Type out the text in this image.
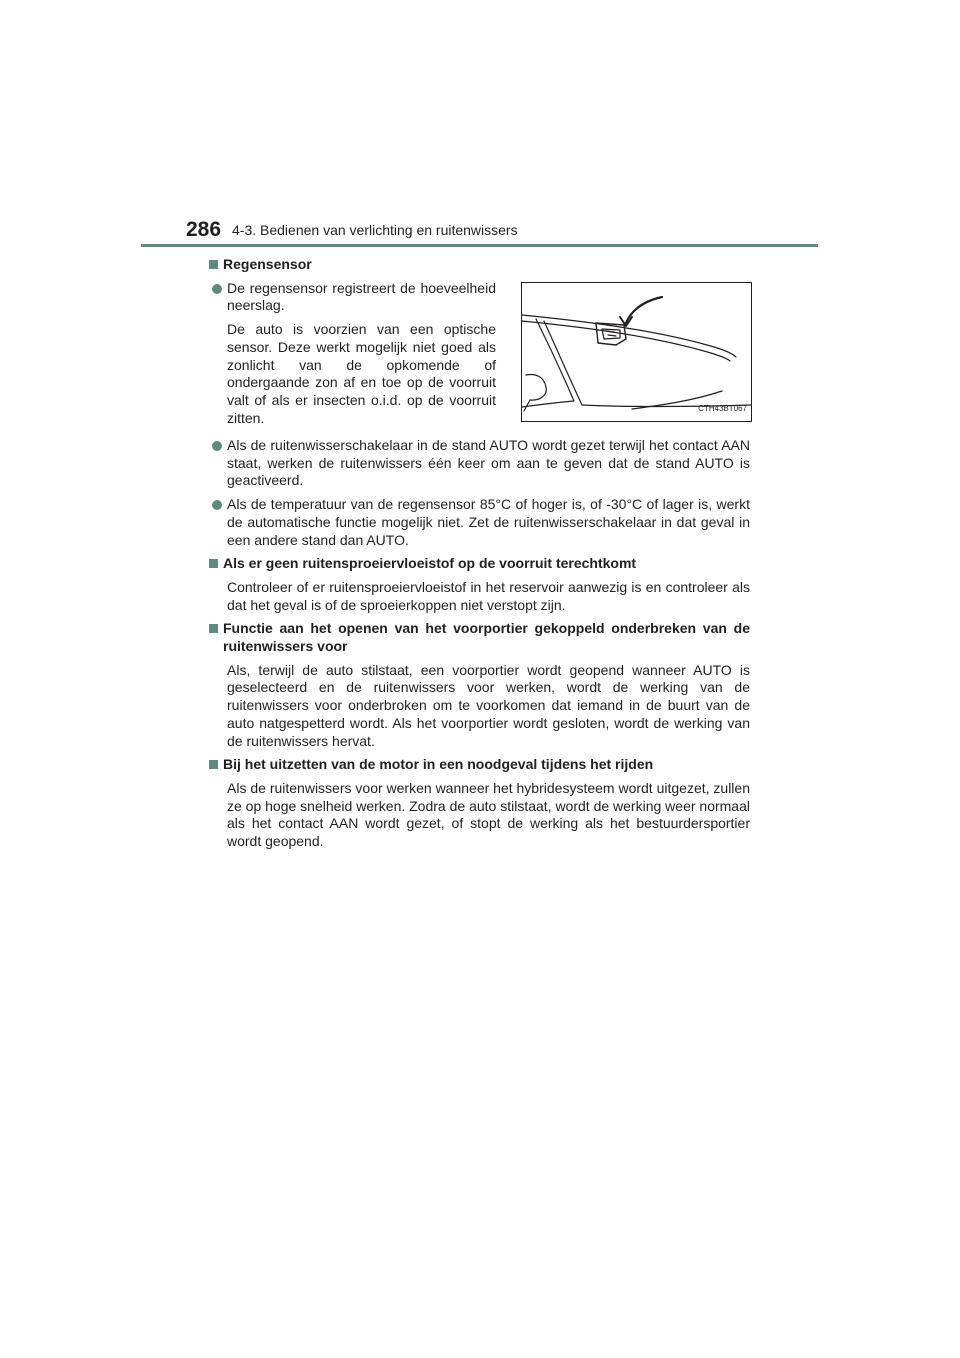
286 4-3. Bedienen van verlichting en ruitenwissers
Regensensor
De regensensor registreert de hoeveelheid neerslag.
De auto is voorzien van een optische sensor. Deze werkt mogelijk niet goed als zonlicht van de opkomende of ondergaande zon af en toe op de voorruit valt of als er insecten o.i.d. op de voorruit zitten.
CTH43BT067
Als de ruitenwisserschakelaar in de stand AUTO wordt gezet terwijl het contact AAN staat, werken de ruitenwissers één keer om aan te geven dat de stand AUTO is geactiveerd.
Als de temperatuur van de regensensor 85°C of hoger is, of -30°C of lager is, werkt de automatische functie mogelijk niet. Zet de ruitenwisserschakelaar in dat geval in een andere stand dan AUTO.
Als er geen ruitensproeiervloeistof op de voorruit terechtkomt
Controleer of er ruitensproeiervloeistof in het reservoir aanwezig is en controleer als dat het geval is of de sproeierkoppen niet verstopt zijn.
Functie aan het openen van het voorportier gekoppeld onderbreken van de ruitenwissers voor
Als, terwijl de auto stilstaat, een voorportier wordt geopend wanneer AUTO is geselecteerd en de ruitenwissers voor werken, wordt de werking van de ruitenwissers voor onderbroken om te voorkomen dat iemand in de buurt van de auto natgespetterd wordt. Als het voorportier wordt gesloten, wordt de werking van de ruitenwissers hervat.
Bij het uitzetten van de motor in een noodgeval tijdens het rijden
Als de ruitenwissers voor werken wanneer het hybridesysteem wordt uitgezet, zullen ze op hoge snelheid werken. Zodra de auto stilstaat, wordt de werking weer normaal als het contact AAN wordt gezet, of stopt de werking als het bestuurdersportier wordt geopend.
